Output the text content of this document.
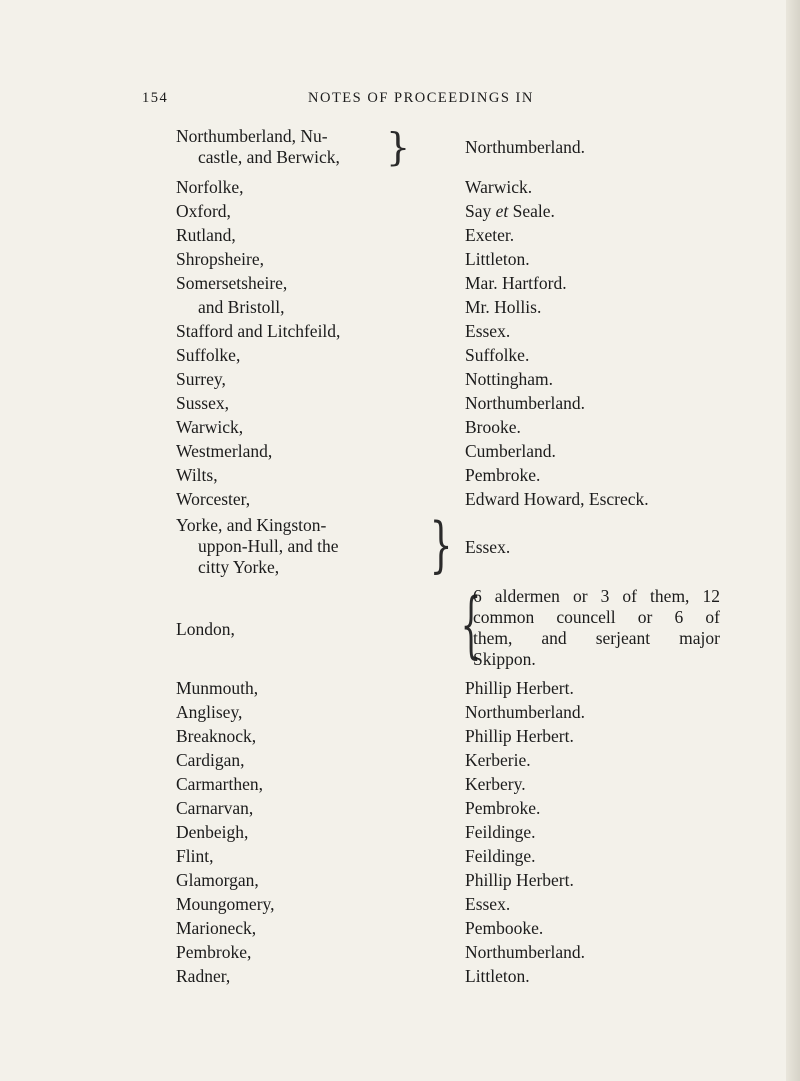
154	NOTES OF PROCEEDINGS IN
Northumberland, Nu-
castle, and Berwick, }	Northumberland.
Norfolke,	Warwick.
Oxford,	Say et Seale.
Rutland,	Exeter.
Shropsheire,	Littleton.
Somersetsheire,	Mar. Hartford.
and Bristoll,	Mr. Hollis.
Stafford and Litchfeild,	Essex.
Suffolke,	Suffolke.
Surrey,	Nottingham.
Sussex,	Northumberland.
Warwick,	Brooke.
Westmerland,	Cumberland.
Wilts,	Pembroke.
Worcester,	Edward Howard, Escreck.
Yorke, and Kingston-
uppon-Hull, and the
citty Yorke,	} Essex.
London,	{
6 aldermen or 3 of them, 12
common councell or 6 of
them, and serjeant major
Skippon.
Munmouth,	Phillip Herbert.
Anglisey,	Northumberland.
Breaknock,	Phillip Herbert.
Cardigan,	Kerberie.
Carmarthen,	Kerbery.
Carnarvan,	Pembroke.
Denbeigh,	Feildinge.
Flint,	Feildinge.
Glamorgan,	Phillip Herbert.
Moungomery,	Essex.
Marioneck,	Pembooke.
Pembroke,	Northumberland.
Radner,	Littleton.
